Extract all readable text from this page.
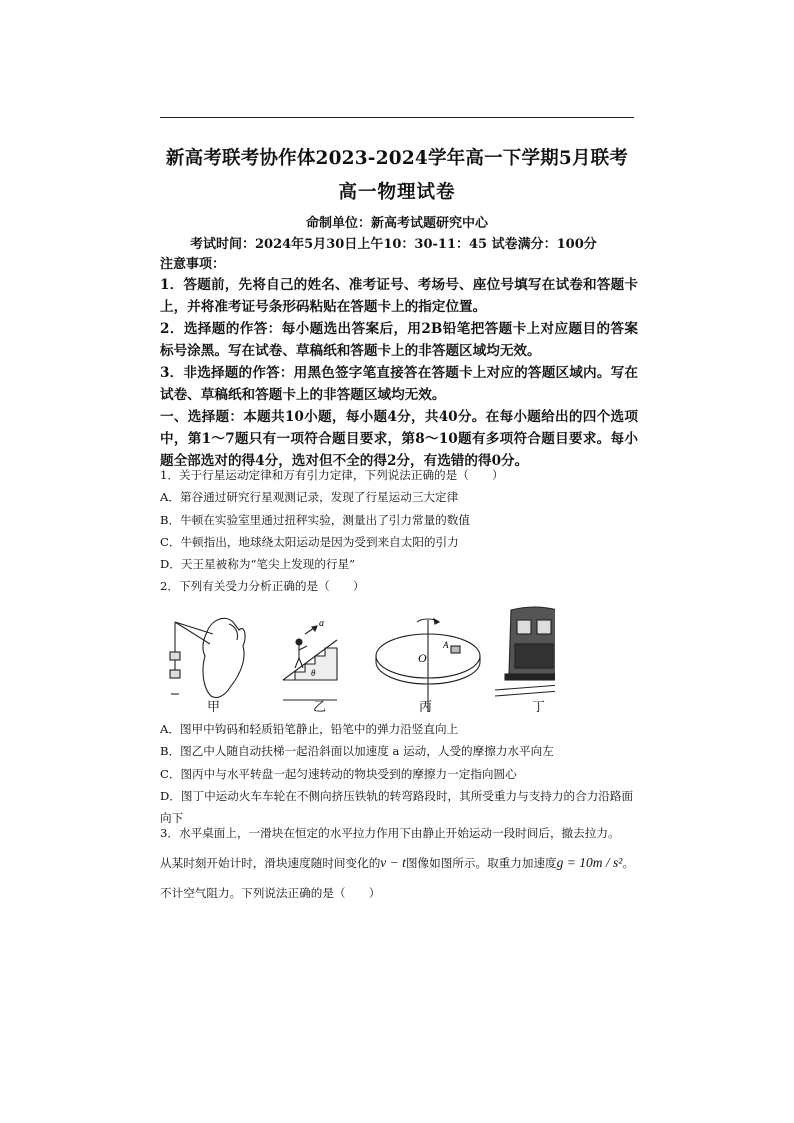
新高考联考协作体2023-2024学年高一下学期5月联考
高一物理试卷
命制单位：新高考试题研究中心
考试时间：2024年5月30日上午10：30-11：45 试卷满分：100分
注意事项：
1．答题前，先将自己的姓名、准考证号、考场号、座位号填写在试卷和答题卡上，并将准考证号条形码粘贴在答题卡上的指定位置。
2．选择题的作答：每小题选出答案后，用2B铅笔把答题卡上对应题目的答案标号涂黑。写在试卷、草稿纸和答题卡上的非答题区域均无效。
3．非选择题的作答：用黑色签字笔直接答在答题卡上对应的答题区域内。写在试卷、草稿纸和答题卡上的非答题区域均无效。
一、选择题：本题共10小题，每小题4分，共40分。在每小题给出的四个选项中，第1～7题只有一项符合题目要求，第8～10题有多项符合题目要求。每小题全部选对的得4分，选对但不全的得2分，有选错的得0分。

1．关于行星运动定律和万有引力定律，下列说法正确的是（　　）

A．第谷通过研究行星观测记录，发现了行星运动三大定律

B．牛顿在实验室里通过扭秤实验，测量出了引力常量的数值

C．牛顿指出，地球绕太阳运动是因为受到来自太阳的引力

D．天王星被称为“笔尖上发现的行星”

2．下列有关受力分析正确的是（　　）

a
θ
O
A
甲	乙	丙	丁

A．图甲中钩码和轻质铅笔静止，铅笔中的弹力沿竖直向上

B．图乙中人随自动扶梯一起沿斜面以加速度 a 运动，人受的摩擦力水平向左

C．图丙中与水平转盘一起匀速转动的物块受到的摩擦力一定指向圆心

D．图丁中运动火车车轮在不侧向挤压铁轨的转弯路段时，其所受重力与支持力的合力沿路面向下

3．水平桌面上，一滑块在恒定的水平拉力作用下由静止开始运动一段时间后，撤去拉力。

从某时刻开始计时，滑块速度随时间变化的v − t图像如图所示。取重力加速度g = 10m / s²。

不计空气阻力。下列说法正确的是（　　）
